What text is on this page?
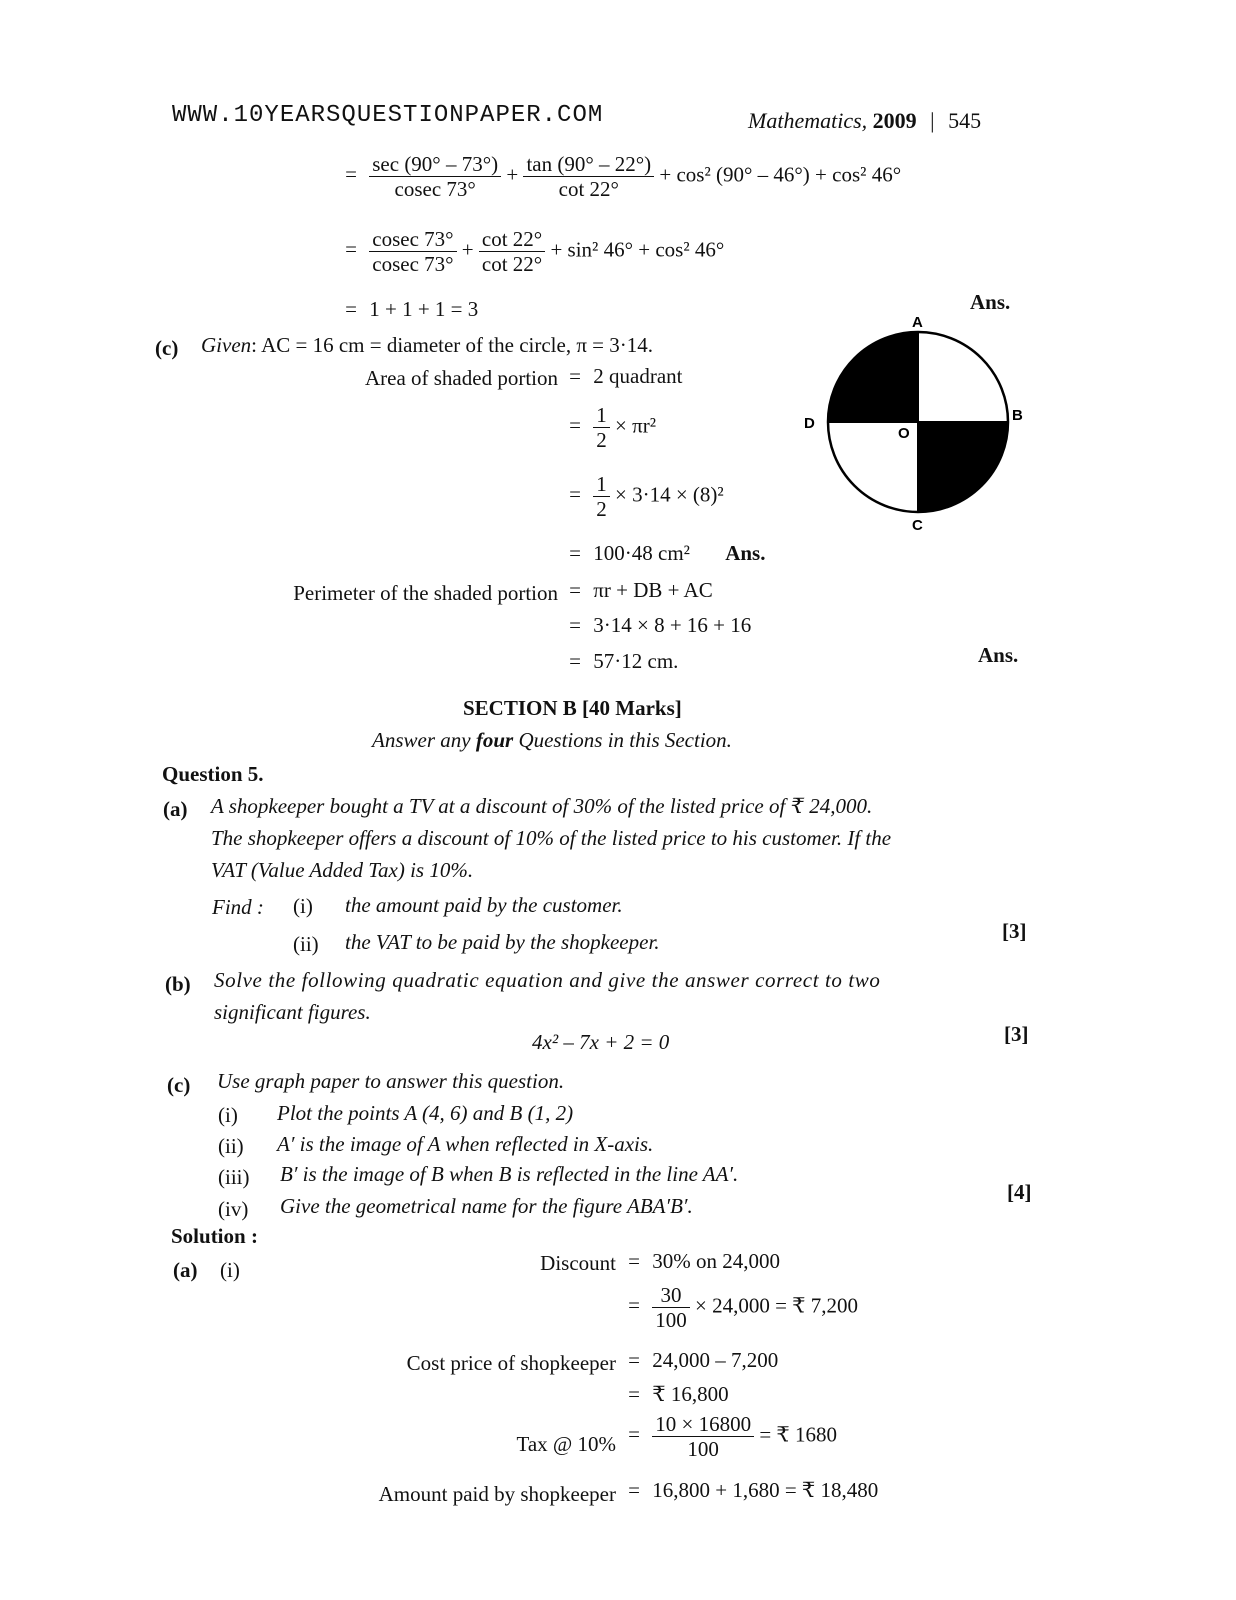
WWW.10YEARSQUESTIONPAPER.COM	Mathematics, 2009 | 545
= $\frac{\sec (90^\circ - 73^\circ)}{cosec 73^\circ} + \frac{\tan (90^\circ - 22^\circ)}{\cot 22^\circ} + \cos^2$ (90° – 46°) + cos² 46°
= $\frac{cosec 73^\circ}{cosec 73^\circ} + \frac{\cot 22^\circ}{\cot 22^\circ} + \sin^2$ 46° + cos² 46°
= 1 + 1 + 1 = 3	Ans.
(c) Given: AC = 16 cm = diameter of the circle, π = 3·14.
Area of shaded portion = 2 quadrant
= $\frac{1}{2} \times \pi r^2$
= $\frac{1}{2} \times 3\cdot 14 \times (8)^2$
= 100·48 cm² Ans.
Perimeter of the shaded portion = πr + DB + AC
= 3·14 × 8 + 16 + 16
= 57·12 cm.	Ans.
A
B
C
D
O
SECTION B [40 Marks]
Answer any four Questions in this Section.
Question 5.
(a) A shopkeeper bought a TV at a discount of 30% of the listed price of ₹ 24,000.
The shopkeeper offers a discount of 10% of the listed price to his customer. If the
VAT (Value Added Tax) is 10%.
Find : (i) the amount paid by the customer.
(ii) the VAT to be paid by the shopkeeper.	[3]
(b) Solve the following quadratic equation and give the answer correct to two
significant figures.
4x² – 7x + 2 = 0	[3]
(c) Use graph paper to answer this question.
(i) Plot the points A (4, 6) and B (1, 2)
(ii) A′ is the image of A when reflected in X-axis.
(iii) B′ is the image of B when B is reflected in the line AA′.
(iv) Give the geometrical name for the figure ABA′B′.
[4]
Solution :
(a) (i)	Discount = 30% on 24,000
= $\frac{30}{100} \times 24,000$ = ₹ 7,200
Cost price of shopkeeper = 24,000 – 7,200
= ₹ 16,800
Tax @ $10\% = \frac{10 \times 16800}{100}$ = ₹ 1680
Amount paid by shopkeeper = 16,800 + 1,680 = ₹ 18,480
